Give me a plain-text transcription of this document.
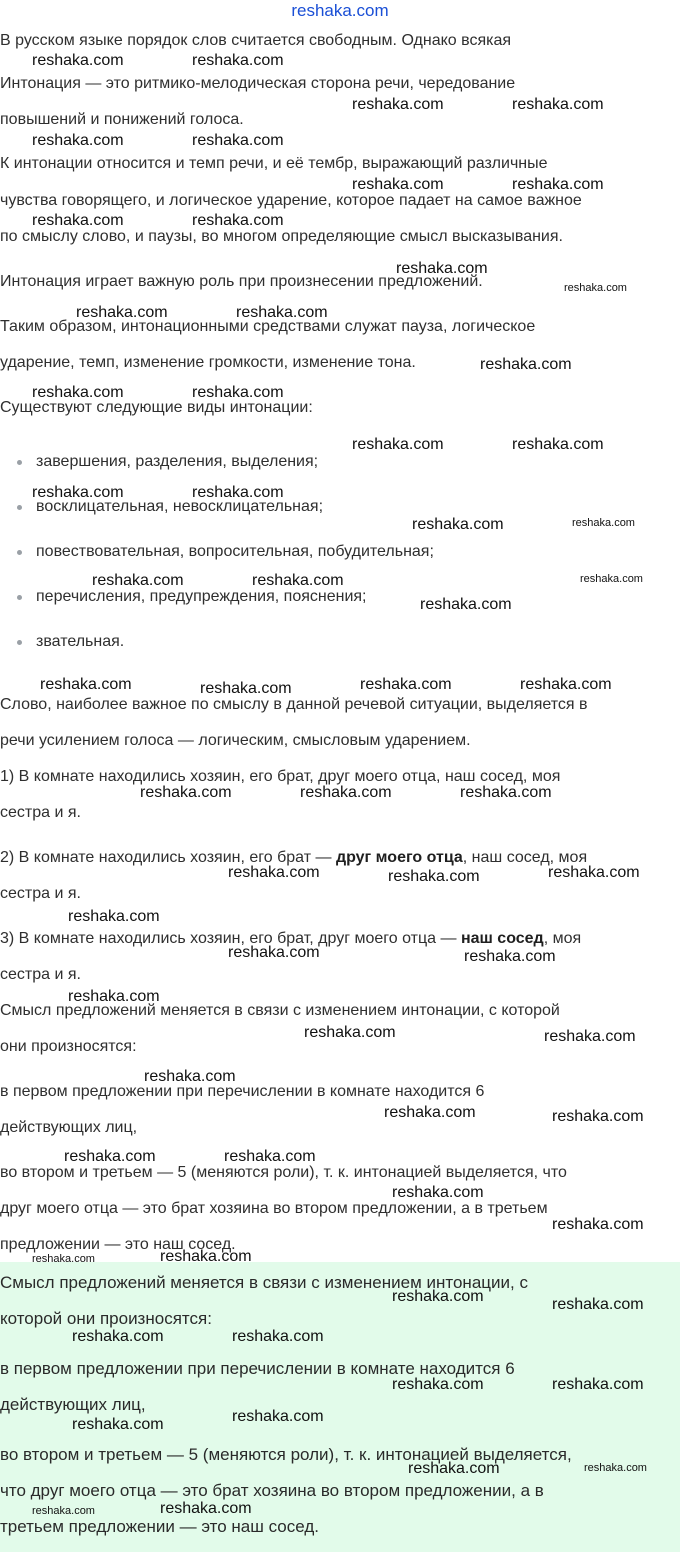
reshaka.com
В русском языке порядок слов считается свободным. Однако всякая
Интонация — это ритмико-мелодическая сторона речи, чередование
повышений и понижений голоса.
К интонации относится и темп речи, и её тембр, выражающий различные
чувства говорящего, и логическое ударение, которое падает на самое важное
по смыслу слово, и паузы, во многом определяющие смысл высказывания.
Интонация играет важную роль при произнесении предложений.
Таким образом, интонационными средствами служат пауза, логическое
ударение, темп, изменение громкости, изменение тона.
Существуют следующие виды интонации:
завершения, разделения, выделения;
восклицательная, невосклицательная;
повествовательная, вопросительная, побудительная;
перечисления, предупреждения, пояснения;
звательная.
Слово, наиболее важное по смыслу в данной речевой ситуации, выделяется в
речи усилением голоса — логическим, смысловым ударением.
1) В комнате находились хозяин, его брат, друг моего отца, наш сосед, моя
сестра и я.
2) В комнате находились хозяин, его брат — друг моего отца, наш сосед, моя
сестра и я.
3) В комнате находились хозяин, его брат, друг моего отца — наш сосед, моя
сестра и я.
Смысл предложений меняется в связи с изменением интонации, с которой
они произносятся:
в первом предложении при перечислении в комнате находится 6
действующих лиц,
во втором и третьем — 5 (меняются роли), т. к. интонацией выделяется, что
друг моего отца — это брат хозяина во втором предложении, а в третьем
предложении — это наш сосед.
Смысл предложений меняется в связи с изменением интонации, с
которой они произносятся:
в первом предложении при перечислении в комнате находится 6
действующих лиц,
во втором и третьем — 5 (меняются роли), т. к. интонацией выделяется,
что друг моего отца — это брат хозяина во втором предложении, а в
третьем предложении — это наш сосед.
reshaka.com	reshaka.com
reshaka.com	reshaka.com
reshaka.com	reshaka.com
reshaka.com	reshaka.com
reshaka.com	reshaka.com
reshaka.com
reshaka.com
reshaka.com	reshaka.com
reshaka.com
reshaka.com	reshaka.com
reshaka.com	reshaka.com
reshaka.com	reshaka.com
reshaka.com	reshaka.com
reshaka.com	reshaka.com	reshaka.com
reshaka.com
reshaka.com	reshaka.com	reshaka.com	reshaka.com
reshaka.com	reshaka.com	reshaka.com
reshaka.com	reshaka.com	reshaka.com
reshaka.com
reshaka.com	reshaka.com
reshaka.com
reshaka.com	reshaka.com
reshaka.com
reshaka.com	reshaka.com
reshaka.com	reshaka.com
reshaka.com
reshaka.com
reshaka.com	reshaka.com
reshaka.com	reshaka.com
reshaka.com	reshaka.com
reshaka.com	reshaka.com
reshaka.com	reshaka.com
reshaka.com	reshaka.com
reshaka.com	reshaka.com
